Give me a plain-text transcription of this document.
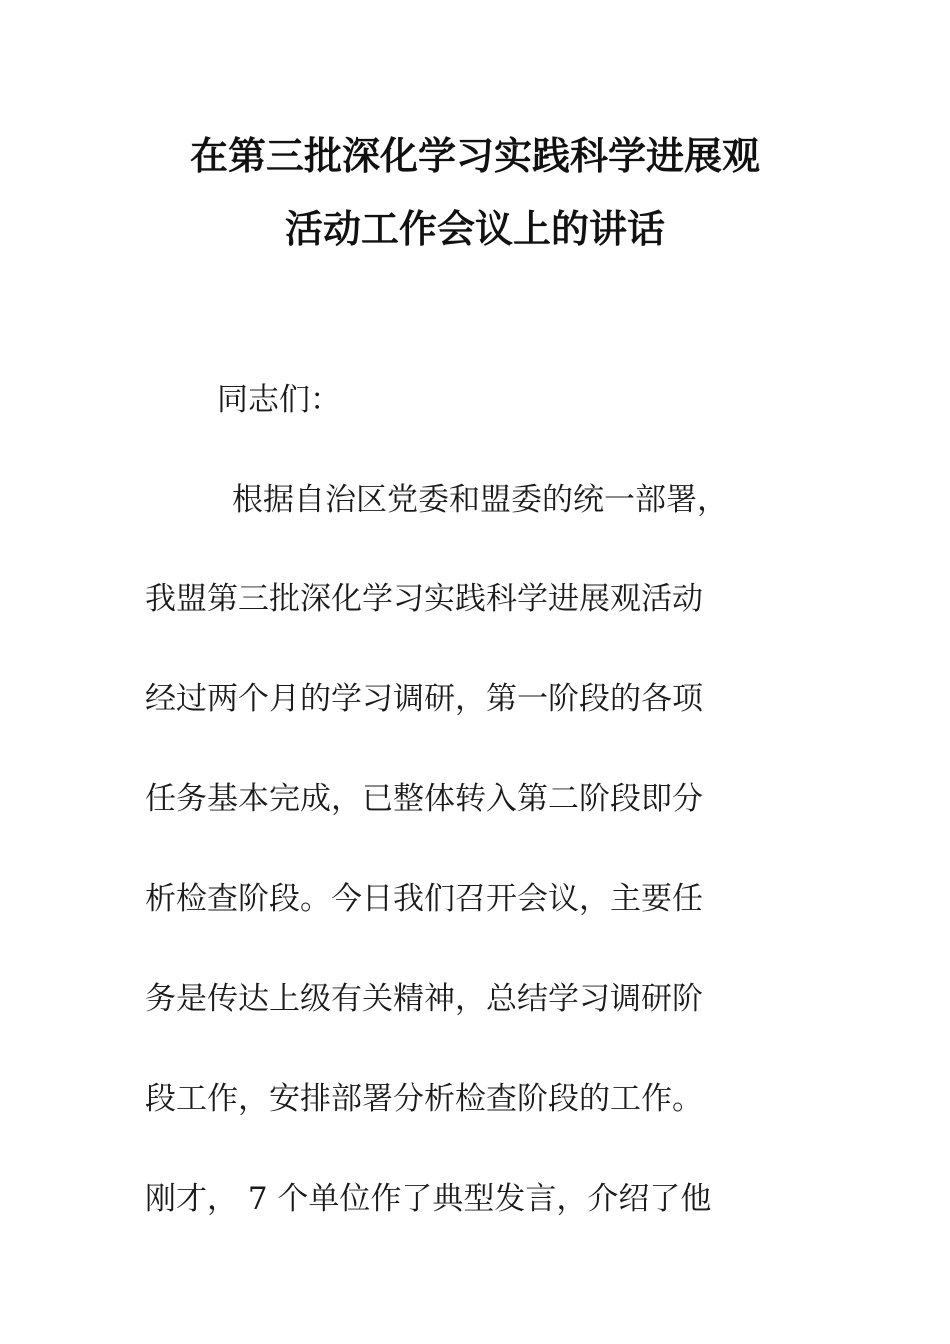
在第三批深化学习实践科学进展观
活动工作会议上的讲话
同志们：
根据自治区党委和盟委的统一部署，
我盟第三批深化学习实践科学进展观活动
经过两个月的学习调研，第一阶段的各项
任务基本完成，已整体转入第二阶段即分
析检查阶段。今日我们召开会议，主要任
务是传达上级有关精神，总结学习调研阶
段工作，安排部署分析检查阶段的工作。
刚才， 7 个单位作了典型发言，介绍了他
